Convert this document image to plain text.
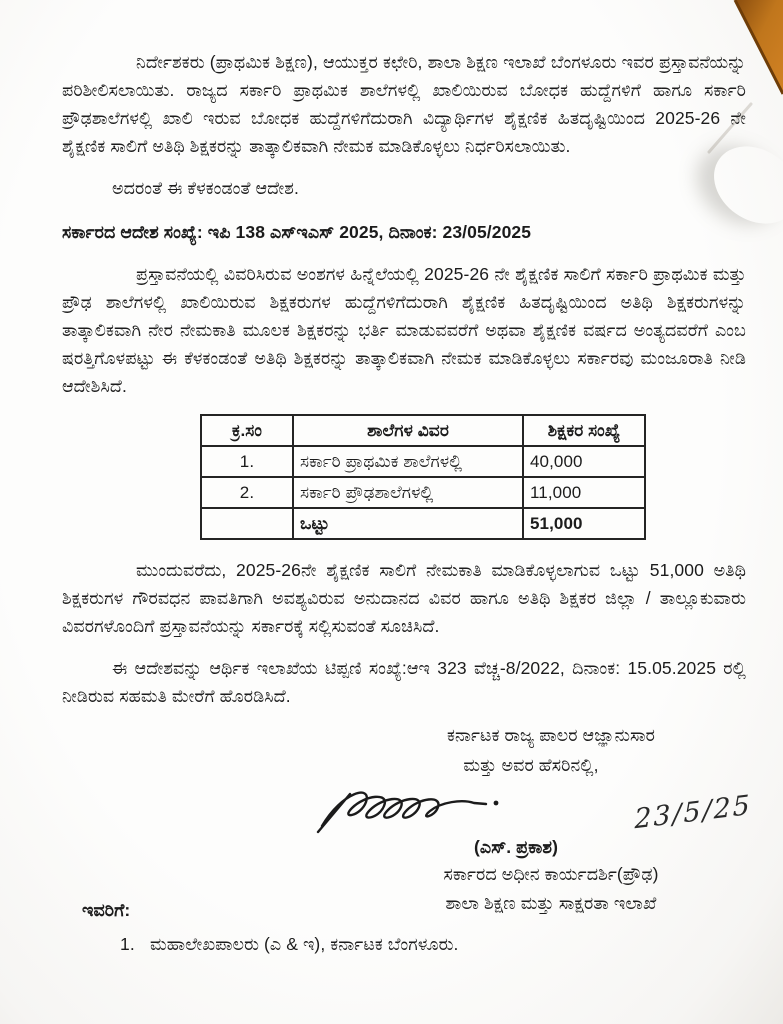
ನಿರ್ದೇಶಕರು (ಪ್ರಾಥಮಿಕ ಶಿಕ್ಷಣ), ಆಯುಕ್ತರ ಕಛೇರಿ, ಶಾಲಾ ಶಿಕ್ಷಣ ಇಲಾಖೆ ಬೆಂಗಳೂರು ಇವರ ಪ್ರಸ್ತಾವನೆಯನ್ನು ಪರಿಶೀಲಿಸಲಾಯಿತು. ರಾಜ್ಯದ ಸರ್ಕಾರಿ ಪ್ರಾಥಮಿಕ ಶಾಲೆಗಳಲ್ಲಿ ಖಾಲಿಯಿರುವ ಬೋಧಕ ಹುದ್ದೆಗಳಿಗೆ ಹಾಗೂ ಸರ್ಕಾರಿ ಪ್ರೌಢಶಾಲೆಗಳಲ್ಲಿ ಖಾಲಿ ಇರುವ ಬೋಧಕ ಹುದ್ದೆಗಳಿಗೆದುರಾಗಿ ವಿದ್ಯಾರ್ಥಿಗಳ ಶೈಕ್ಷಣಿಕ ಹಿತದೃಷ್ಟಿಯಿಂದ 2025-26 ನೇ ಶೈಕ್ಷಣಿಕ ಸಾಲಿಗೆ ಅತಿಥಿ ಶಿಕ್ಷಕರನ್ನು ತಾತ್ಕಾಲಿಕವಾಗಿ ನೇಮಕ ಮಾಡಿಕೊಳ್ಳಲು ನಿರ್ಧರಿಸಲಾಯಿತು.

ಅದರಂತೆ ಈ ಕೆಳಕಂಡಂತೆ ಆದೇಶ.

ಸರ್ಕಾರದ ಆದೇಶ ಸಂಖ್ಯೆ: ಇಪಿ 138 ಎಸ್‌ಇಎಸ್ 2025, ದಿನಾಂಕ: 23/05/2025

ಪ್ರಸ್ತಾವನೆಯಲ್ಲಿ ವಿವರಿಸಿರುವ ಅಂಶಗಳ ಹಿನ್ನೆಲೆಯಲ್ಲಿ 2025-26 ನೇ ಶೈಕ್ಷಣಿಕ ಸಾಲಿಗೆ ಸರ್ಕಾರಿ ಪ್ರಾಥಮಿಕ ಮತ್ತು ಪ್ರೌಢ ಶಾಲೆಗಳಲ್ಲಿ ಖಾಲಿಯಿರುವ ಶಿಕ್ಷಕರುಗಳ ಹುದ್ದೆಗಳಿಗೆದುರಾಗಿ ಶೈಕ್ಷಣಿಕ ಹಿತದೃಷ್ಟಿಯಿಂದ ಅತಿಥಿ ಶಿಕ್ಷಕರುಗಳನ್ನು ತಾತ್ಕಾಲಿಕವಾಗಿ ನೇರ ನೇಮಕಾತಿ ಮೂಲಕ ಶಿಕ್ಷಕರನ್ನು ಭರ್ತಿ ಮಾಡುವವರೆಗೆ ಅಥವಾ ಶೈಕ್ಷಣಿಕ ವರ್ಷದ ಅಂತ್ಯದವರೆಗೆ ಎಂಬ ಷರತ್ತಿಗೊಳಪಟ್ಟು ಈ ಕೆಳಕಂಡಂತೆ ಅತಿಥಿ ಶಿಕ್ಷಕರನ್ನು ತಾತ್ಕಾಲಿಕವಾಗಿ ನೇಮಕ ಮಾಡಿಕೊಳ್ಳಲು ಸರ್ಕಾರವು ಮಂಜೂರಾತಿ ನೀಡಿ ಆದೇಶಿಸಿದೆ.

ಕ್ರ.ಸಂ	ಶಾಲೆಗಳ ವಿವರ	ಶಿಕ್ಷಕರ ಸಂಖ್ಯೆ
1.	ಸರ್ಕಾರಿ ಪ್ರಾಥಮಿಕ ಶಾಲೆಗಳಲ್ಲಿ	40,000
2.	ಸರ್ಕಾರಿ ಪ್ರೌಢಶಾಲೆಗಳಲ್ಲಿ	11,000
	ಒಟ್ಟು	51,000

ಮುಂದುವರೆದು, 2025-26ನೇ ಶೈಕ್ಷಣಿಕ ಸಾಲಿಗೆ ನೇಮಕಾತಿ ಮಾಡಿಕೊಳ್ಳಲಾಗುವ ಒಟ್ಟು 51,000 ಅತಿಥಿ ಶಿಕ್ಷಕರುಗಳ ಗೌರವಧನ ಪಾವತಿಗಾಗಿ ಅವಶ್ಯವಿರುವ ಅನುದಾನದ ವಿವರ ಹಾಗೂ ಅತಿಥಿ ಶಿಕ್ಷಕರ ಜಿಲ್ಲಾ / ತಾಲ್ಲೂಕುವಾರು ವಿವರಗಳೊಂದಿಗೆ ಪ್ರಸ್ತಾವನೆಯನ್ನು ಸರ್ಕಾರಕ್ಕೆ ಸಲ್ಲಿಸುವಂತೆ ಸೂಚಿಸಿದೆ.

ಈ ಆದೇಶವನ್ನು ಆರ್ಥಿಕ ಇಲಾಖೆಯ ಟಿಪ್ಪಣಿ ಸಂಖ್ಯೆ:ಆಇ 323 ವೆಚ್ಚ-8/2022, ದಿನಾಂಕ: 15.05.2025 ರಲ್ಲಿ ನೀಡಿರುವ ಸಹಮತಿ ಮೇರೆಗೆ ಹೊರಡಿಸಿದೆ.

ಕರ್ನಾಟಕ ರಾಜ್ಯ ಪಾಲರ ಆಜ್ಞಾನುಸಾರ
ಮತ್ತು ಅವರ ಹೆಸರಿನಲ್ಲಿ,
(ಎಸ್. ಪ್ರಕಾಶ)
23/5/25
ಸರ್ಕಾರದ ಅಧೀನ ಕಾರ್ಯದರ್ಶಿ(ಪ್ರೌಢ)
ಶಾಲಾ ಶಿಕ್ಷಣ ಮತ್ತು ಸಾಕ್ಷರತಾ ಇಲಾಖೆ
ಇವರಿಗೆ:
1. ಮಹಾಲೇಖಪಾಲರು (ಎ & ಇ), ಕರ್ನಾಟಕ ಬೆಂಗಳೂರು.
